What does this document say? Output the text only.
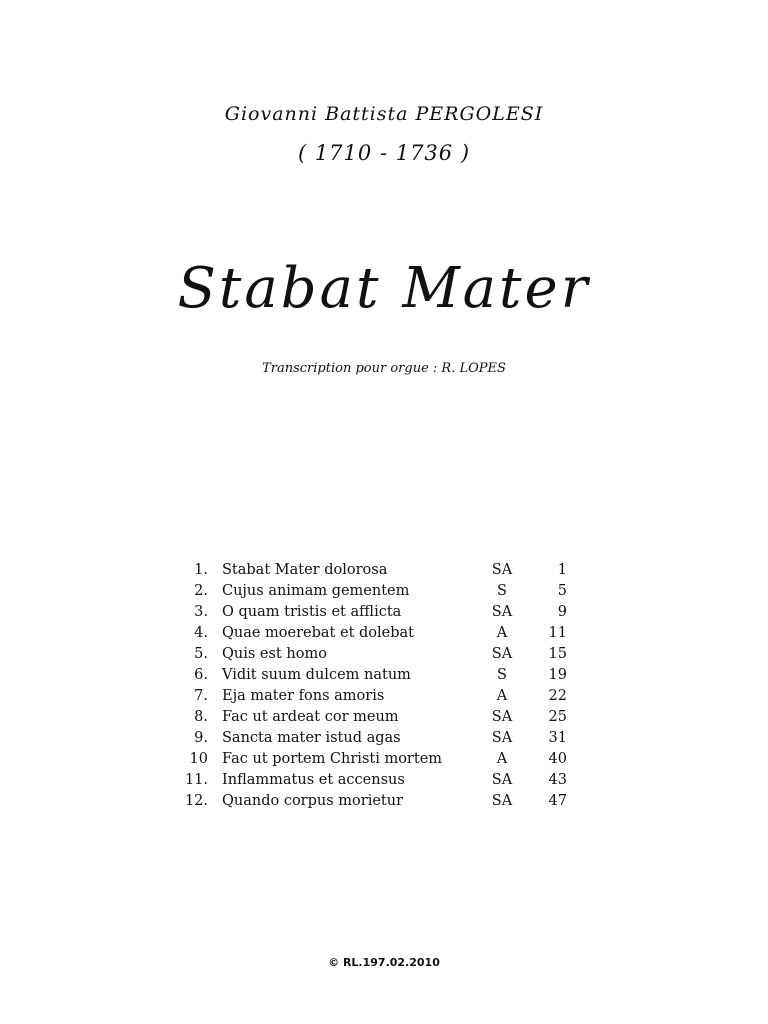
Giovanni Battista PERGOLESI
( 1710 - 1736 )
Stabat Mater
Transcription pour orgue : R. LOPES
1. Stabat Mater dolorosa	SA	1
2. Cujus animam gementem	S	5
3. O quam tristis et afflicta	SA	9
4. Quae moerebat et dolebat	A	11
5. Quis est homo	SA	15
6. Vidit suum dulcem natum	S	19
7. Eja mater fons amoris	A	22
8. Fac ut ardeat cor meum	SA	25
9. Sancta mater istud agas	SA	31
10 Fac ut portem Christi mortem	A	40
11. Inflammatus et accensus	SA	43
12. Quando corpus morietur	SA	47
© RL.197.02.2010
